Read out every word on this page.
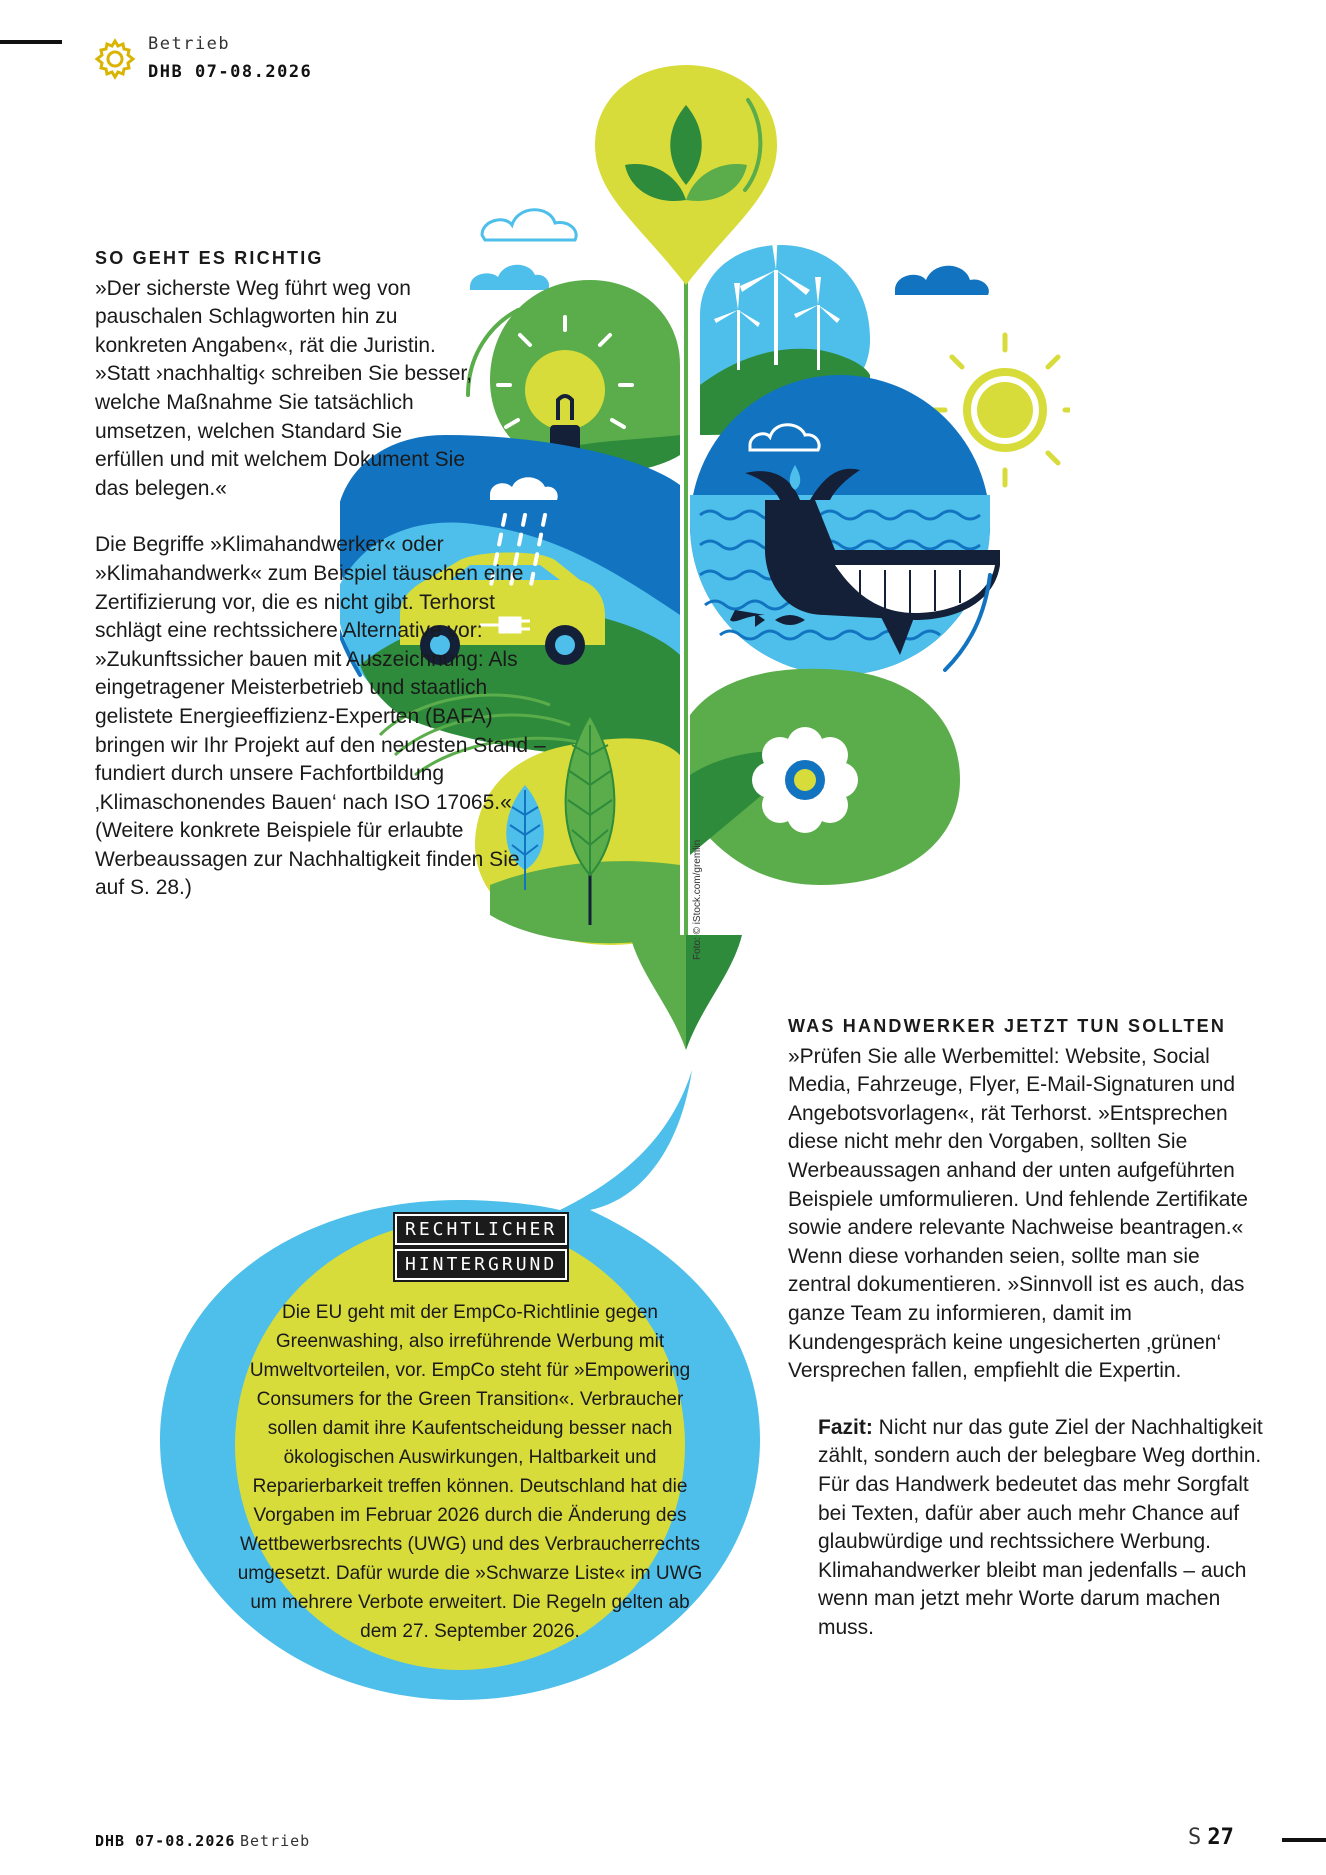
Betrieb
DHB 07-08.2026
Foto: © iStock.com/gremlin
SO GEHT ES RICHTIG

»Der sicherste Weg führt weg von pauschalen Schlagworten hin zu konkreten Angaben«, rät die Juristin. »Statt ›nachhaltig‹ schreiben Sie besser, welche Maßnahme Sie tatsächlich umsetzen, welchen Standard Sie erfüllen und mit welchem Dokument Sie das belegen.«

Die Begriffe »Klimahandwerker« oder »Klimahandwerk« zum Beispiel täuschen eine Zertifizierung vor, die es nicht gibt. Terhorst schlägt eine rechtssichere Alternative vor: »Zukunftssicher bauen mit Auszeichnung: Als eingetragener Meisterbetrieb und staatlich gelistete Energieeffizienz-Experten (BAFA) bringen wir Ihr Projekt auf den neuesten Stand – fundiert durch unsere Fachfortbildung ‚Klimaschonendes Bauen‘ nach ISO 17065.« (Weitere konkrete Beispiele für erlaubte Werbeaussagen zur Nachhaltigkeit finden Sie auf S. 28.)

RECHTLICHER
HINTERGRUND
Die EU geht mit der EmpCo-Richtlinie gegen Greenwashing, also irreführende Werbung mit Umweltvorteilen, vor. EmpCo steht für »Empowering Consumers for the Green Transition«. Verbraucher sollen damit ihre Kaufentscheidung besser nach ökologischen Auswirkungen, Haltbarkeit und Reparierbarkeit treffen können. Deutschland hat die Vorgaben im Februar 2026 durch die Änderung des Wettbewerbsrechts (UWG) und des Verbraucherrechts umgesetzt. Dafür wurde die »Schwarze Liste« im UWG um mehrere Verbote erweitert. Die Regeln gelten ab dem 27. September 2026.
WAS HANDWERKER JETZT TUN SOLLTEN

»Prüfen Sie alle Werbemittel: Website, Social Media, Fahrzeuge, Flyer, E-Mail-Signaturen und Angebotsvorlagen«, rät Terhorst. »Entsprechen diese nicht mehr den Vorgaben, sollten Sie Werbeaussagen anhand der unten aufgeführten Beispiele umformulieren. Und fehlende Zertifikate sowie andere relevante Nachweise beantragen.« Wenn diese vorhanden seien, sollte man sie zentral dokumentieren. »Sinnvoll ist es auch, das ganze Team zu informieren, damit im Kundengespräch keine ungesicherten ‚grünen‘ Versprechen fallen, empfiehlt die Expertin.

Fazit: Nicht nur das gute Ziel der Nachhaltigkeit zählt, sondern auch der belegbare Weg dorthin. Für das Handwerk bedeutet das mehr Sorgfalt bei Texten, dafür aber auch mehr Chance auf glaubwürdige und rechtssichere Werbung. Klimahandwerker bleibt man jedenfalls – auch wenn man jetzt mehr Worte darum machen muss.

DHB 07-08.2026 Betrieb	S 27
